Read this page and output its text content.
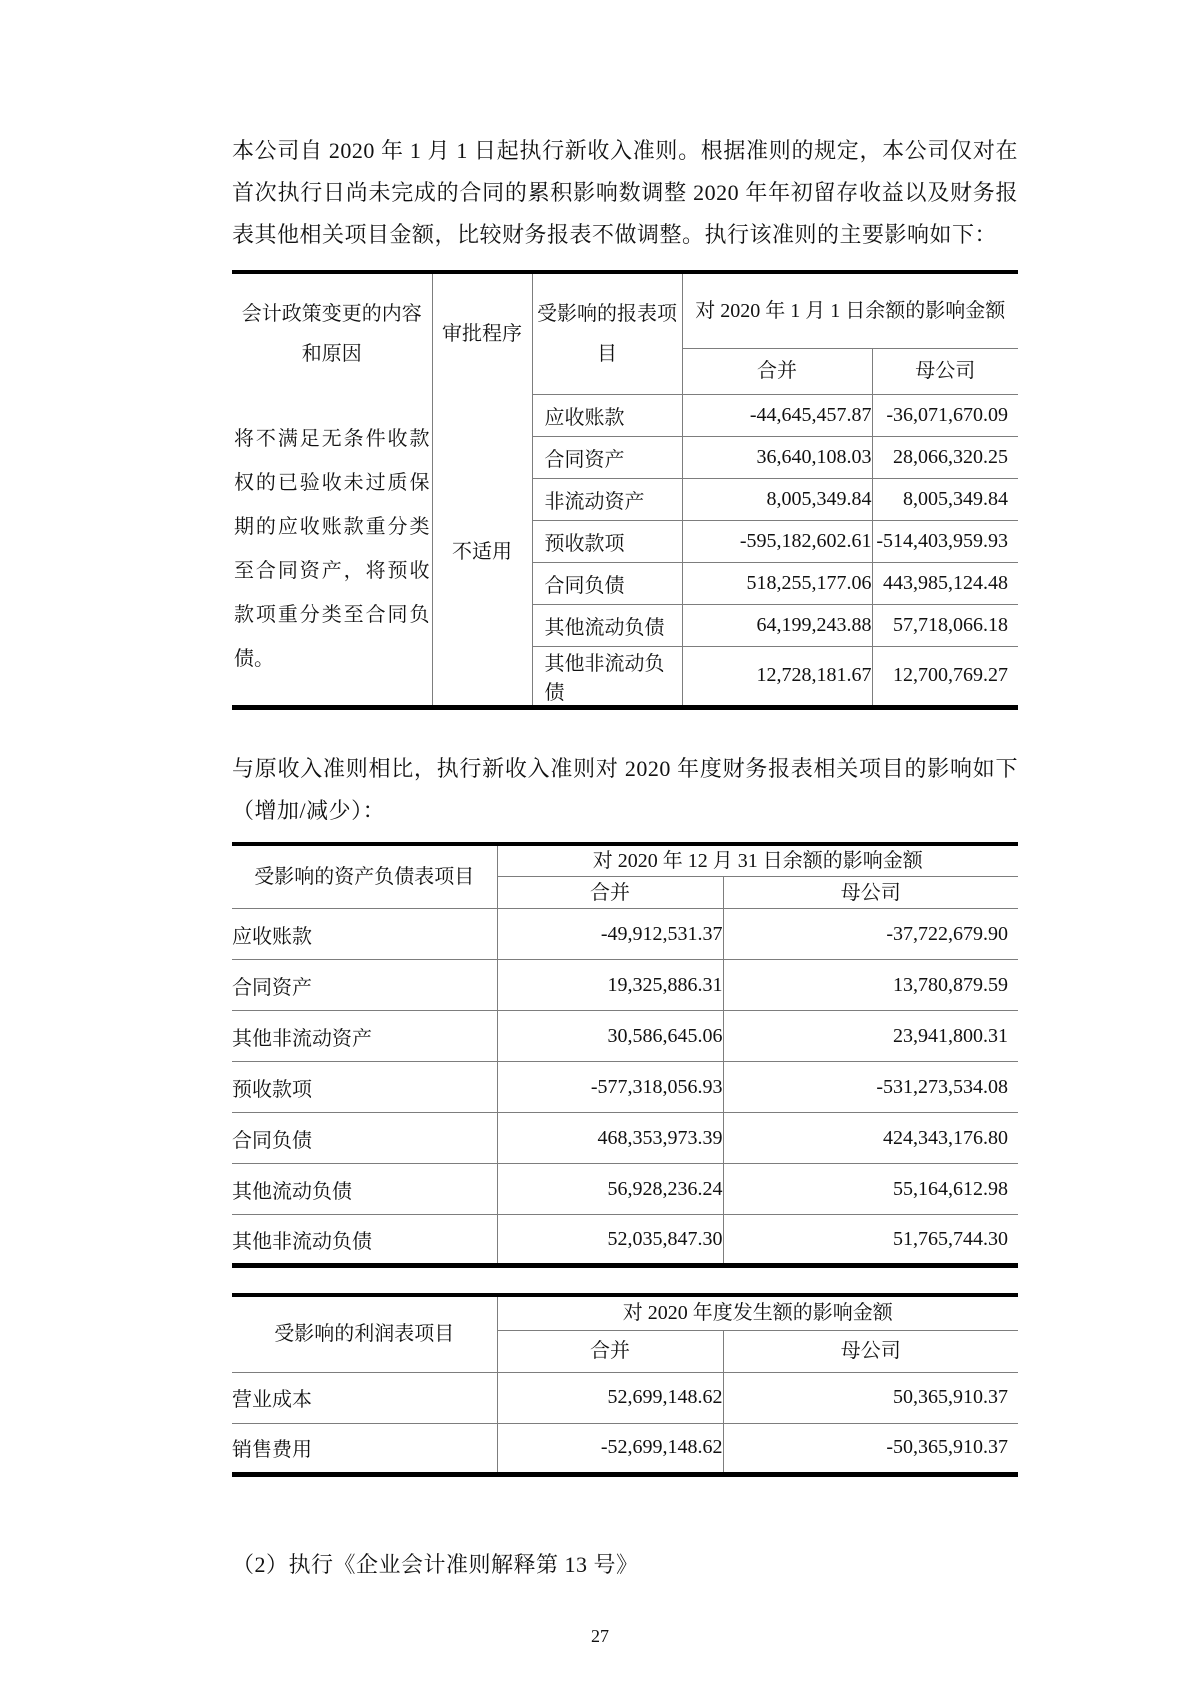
本公司自 2020 年 1 月 1 日起执行新收入准则。根据准则的规定，本公司仅对在首次执行日尚未完成的合同的累积影响数调整 2020 年年初留存收益以及财务报表其他相关项目金额，比较财务报表不做调整。执行该准则的主要影响如下：
会计政策变更的内容和原因	审批程序	受影响的报表项目	对 2020 年 1 月 1 日余额的影响金额	
			合并	母公司
将不满足无条件收款权的已验收未过质保期的应收账款重分类至合同资产，将预收款项重分类至合同负债。	不适用	应收账款	-44,645,457.87	-36,071,670.09
		合同资产	36,640,108.03	28,066,320.25
		非流动资产	8,005,349.84	8,005,349.84
		预收款项	-595,182,602.61	-514,403,959.93
		合同负债	518,255,177.06	443,985,124.48
		其他流动负债	64,199,243.88	57,718,066.18
		其他非流动负债	12,728,181.67	12,700,769.27
与原收入准则相比，执行新收入准则对 2020 年度财务报表相关项目的影响如下（增加/减少）：
受影响的资产负债表项目	对 2020 年 12 月 31 日余额的影响金额	
	合并	母公司
应收账款	-49,912,531.37	-37,722,679.90
合同资产	19,325,886.31	13,780,879.59
其他非流动资产	30,586,645.06	23,941,800.31
预收款项	-577,318,056.93	-531,273,534.08
合同负债	468,353,973.39	424,343,176.80
其他流动负债	56,928,236.24	55,164,612.98
其他非流动负债	52,035,847.30	51,765,744.30
受影响的利润表项目	对 2020 年度发生额的影响金额	
	合并	母公司
营业成本	52,699,148.62	50,365,910.37
销售费用	-52,699,148.62	-50,365,910.37
（2）执行《企业会计准则解释第 13 号》
27
